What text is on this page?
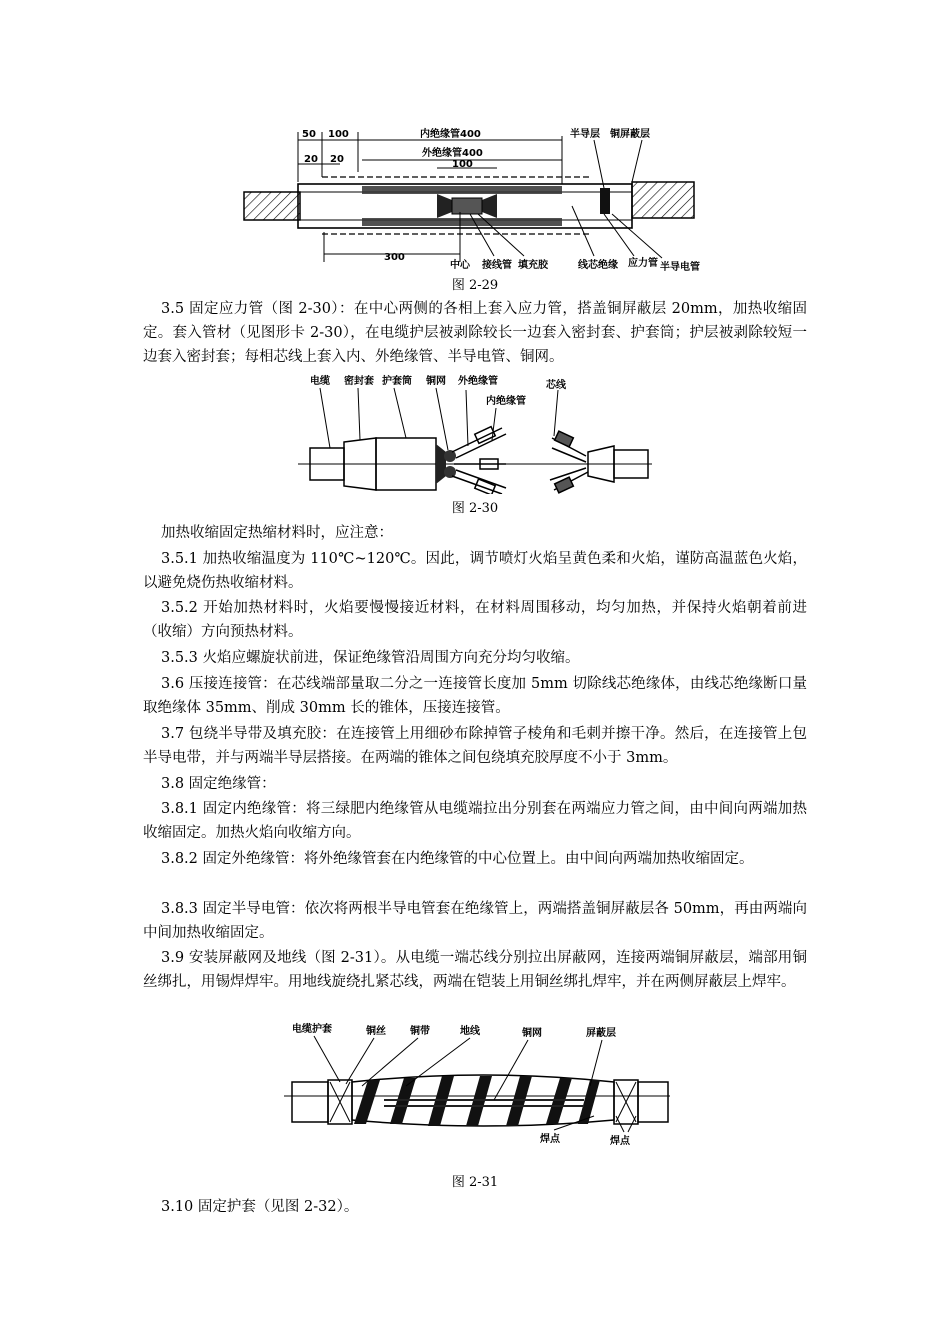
50 100
20 20
内绝缘管400
外绝缘管400
100
300
半导层 铜屏蔽层
中心 接线管 填充胶	线芯绝缘 应力管 半导电管
图 2-29

3.5 固定应力管（图 2-30）：在中心两侧的各相上套入应力管，搭盖铜屏蔽层 20mm，加热收缩固定。套入管材（见图形卡 2-30），在电缆护层被剥除较长一边套入密封套、护套筒；护层被剥除较短一边套入密封套；每相芯线上套入内、外绝缘管、半导电管、铜网。

电缆 密封套 护套筒 铜网 外绝缘管
内绝缘管
芯线
图 2-30

加热收缩固定热缩材料时，应注意：

3.5.1 加热收缩温度为 110℃~120℃。因此，调节喷灯火焰呈黄色柔和火焰，谨防高温蓝色火焰，以避免烧伤热收缩材料。

3.5.2 开始加热材料时，火焰要慢慢接近材料，在材料周围移动，均匀加热，并保持火焰朝着前进（收缩）方向预热材料。

3.5.3 火焰应螺旋状前进，保证绝缘管沿周围方向充分均匀收缩。

3.6 压接连接管：在芯线端部量取二分之一连接管长度加 5mm 切除线芯绝缘体，由线芯绝缘断口量取绝缘体 35mm、削成 30mm 长的锥体，压接连接管。

3.7 包绕半导带及填充胶：在连接管上用细砂布除掉管子棱角和毛刺并擦干净。然后，在连接管上包半导电带，并与两端半导层搭接。在两端的锥体之间包绕填充胶厚度不小于 3mm。

3.8 固定绝缘管：

3.8.1 固定内绝缘管：将三绿肥内绝缘管从电缆端拉出分别套在两端应力管之间，由中间向两端加热收缩固定。加热火焰向收缩方向。

3.8.2 固定外绝缘管：将外绝缘管套在内绝缘管的中心位置上。由中间向两端加热收缩固定。

3.8.3 固定半导电管：依次将两根半导电管套在绝缘管上，两端搭盖铜屏蔽层各 50mm，再由两端向中间加热收缩固定。

3.9 安装屏蔽网及地线（图 2-31）。从电缆一端芯线分别拉出屏蔽网，连接两端铜屏蔽层，端部用铜丝绑扎，用锡焊焊牢。用地线旋绕扎紧芯线，两端在铠装上用铜丝绑扎焊牢，并在两侧屏蔽层上焊牢。

电缆护套	铜丝 铜带	地线	铜网	屏蔽层
焊点	焊点
图 2-31

3.10 固定护套（见图 2-32）。
